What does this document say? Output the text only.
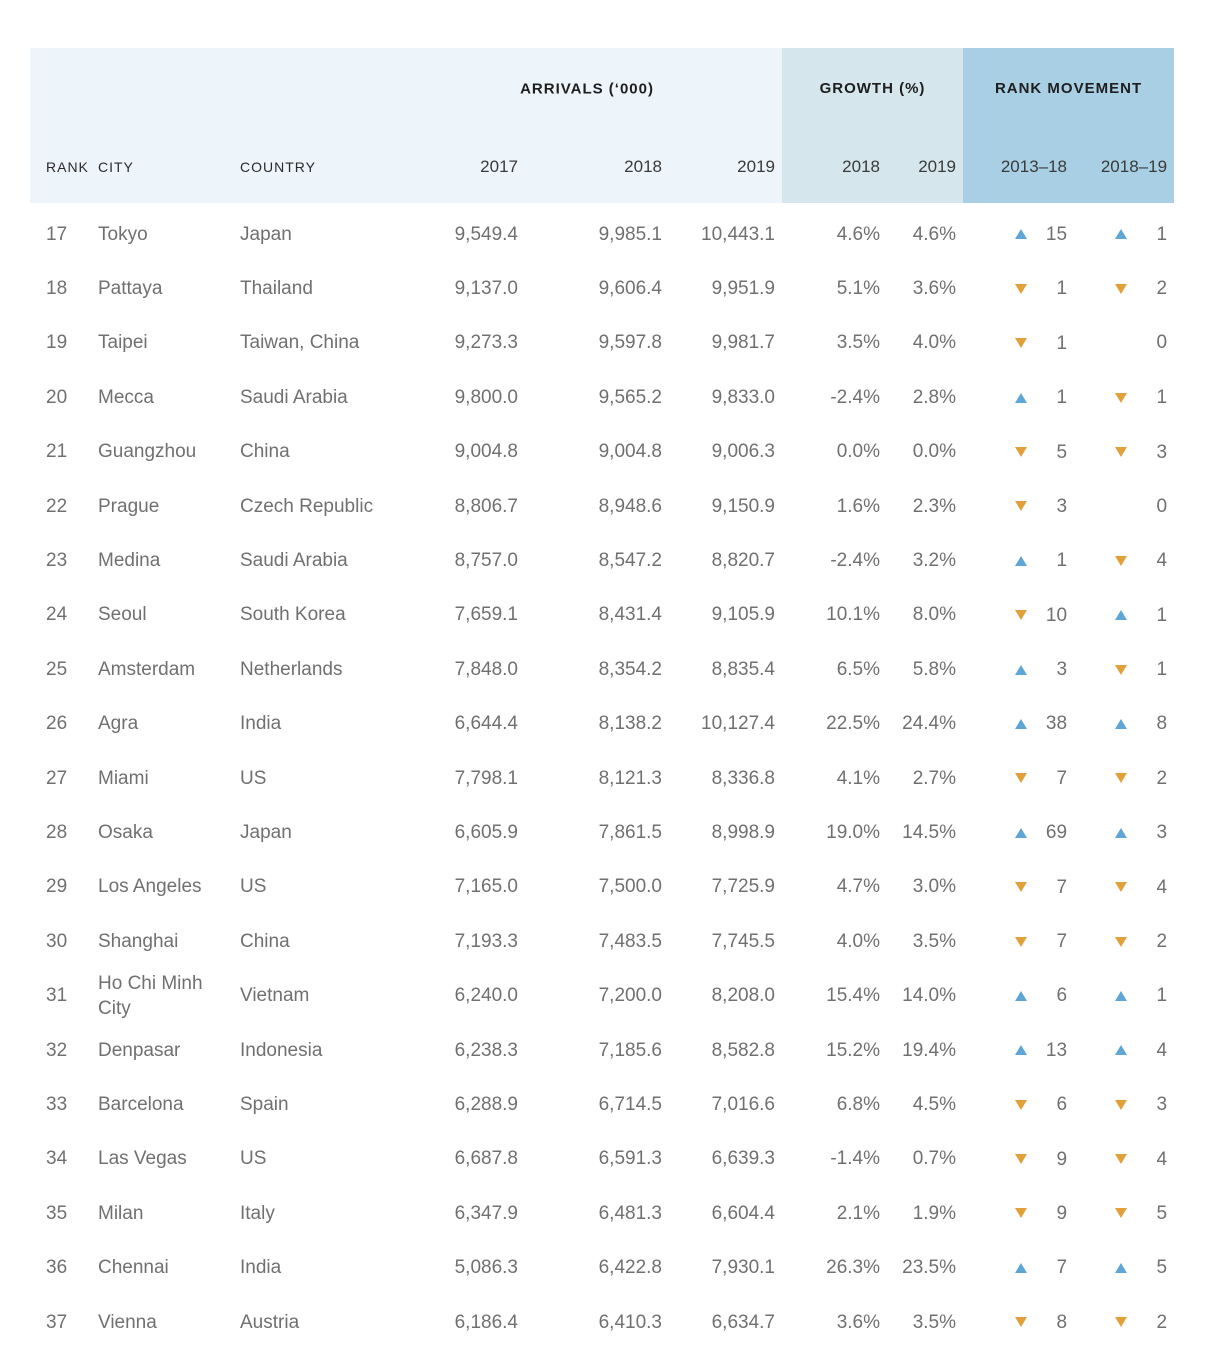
					ARRIVALS (‘000)	GROWTH (%)		RANK MOVEMENT	
RANK	CITY	COUNTRY	2017	2018	2019	2018	2019	2013–18	2018–19
17	Tokyo	Japan	9,549.4	9,985.1	10,443.1	4.6%	4.6%	15	1

18	Pattaya	Thailand	9,137.0	9,606.4	9,951.9	5.1%	3.6%	1	2

19	Taipei	Taiwan, China	9,273.3	9,597.8	9,981.7	3.5%	4.0%	1	0

20	Mecca	Saudi Arabia	9,800.0	9,565.2	9,833.0	-2.4%	2.8%	1	1

21	Guangzhou	China	9,004.8	9,004.8	9,006.3	0.0%	0.0%	5	3

22	Prague	Czech Republic	8,806.7	8,948.6	9,150.9	1.6%	2.3%	3	0

23	Medina	Saudi Arabia	8,757.0	8,547.2	8,820.7	-2.4%	3.2%	1	4

24	Seoul	South Korea	7,659.1	8,431.4	9,105.9	10.1%	8.0%	10	1

25	Amsterdam	Netherlands	7,848.0	8,354.2	8,835.4	6.5%	5.8%	3	1

26	Agra	India	6,644.4	8,138.2	10,127.4	22.5%	24.4%	38	8

27	Miami	US	7,798.1	8,121.3	8,336.8	4.1%	2.7%	7	2

28	Osaka	Japan	6,605.9	7,861.5	8,998.9	19.0%	14.5%	69	3

29	Los Angeles	US	7,165.0	7,500.0	7,725.9	4.7%	3.0%	7	4

30	Shanghai	China	7,193.3	7,483.5	7,745.5	4.0%	3.5%	7	2

31	Ho Chi Minh City	Vietnam	6,240.0	7,200.0	8,208.0	15.4%	14.0%	6	1

32	Denpasar	Indonesia	6,238.3	7,185.6	8,582.8	15.2%	19.4%	13	4

33	Barcelona	Spain	6,288.9	6,714.5	7,016.6	6.8%	4.5%	6	3

34	Las Vegas	US	6,687.8	6,591.3	6,639.3	-1.4%	0.7%	9	4

35	Milan	Italy	6,347.9	6,481.3	6,604.4	2.1%	1.9%	9	5

36	Chennai	India	5,086.3	6,422.8	7,930.1	26.3%	23.5%	7	5

37	Vienna	Austria	6,186.4	6,410.3	6,634.7	3.6%	3.5%	8	2
